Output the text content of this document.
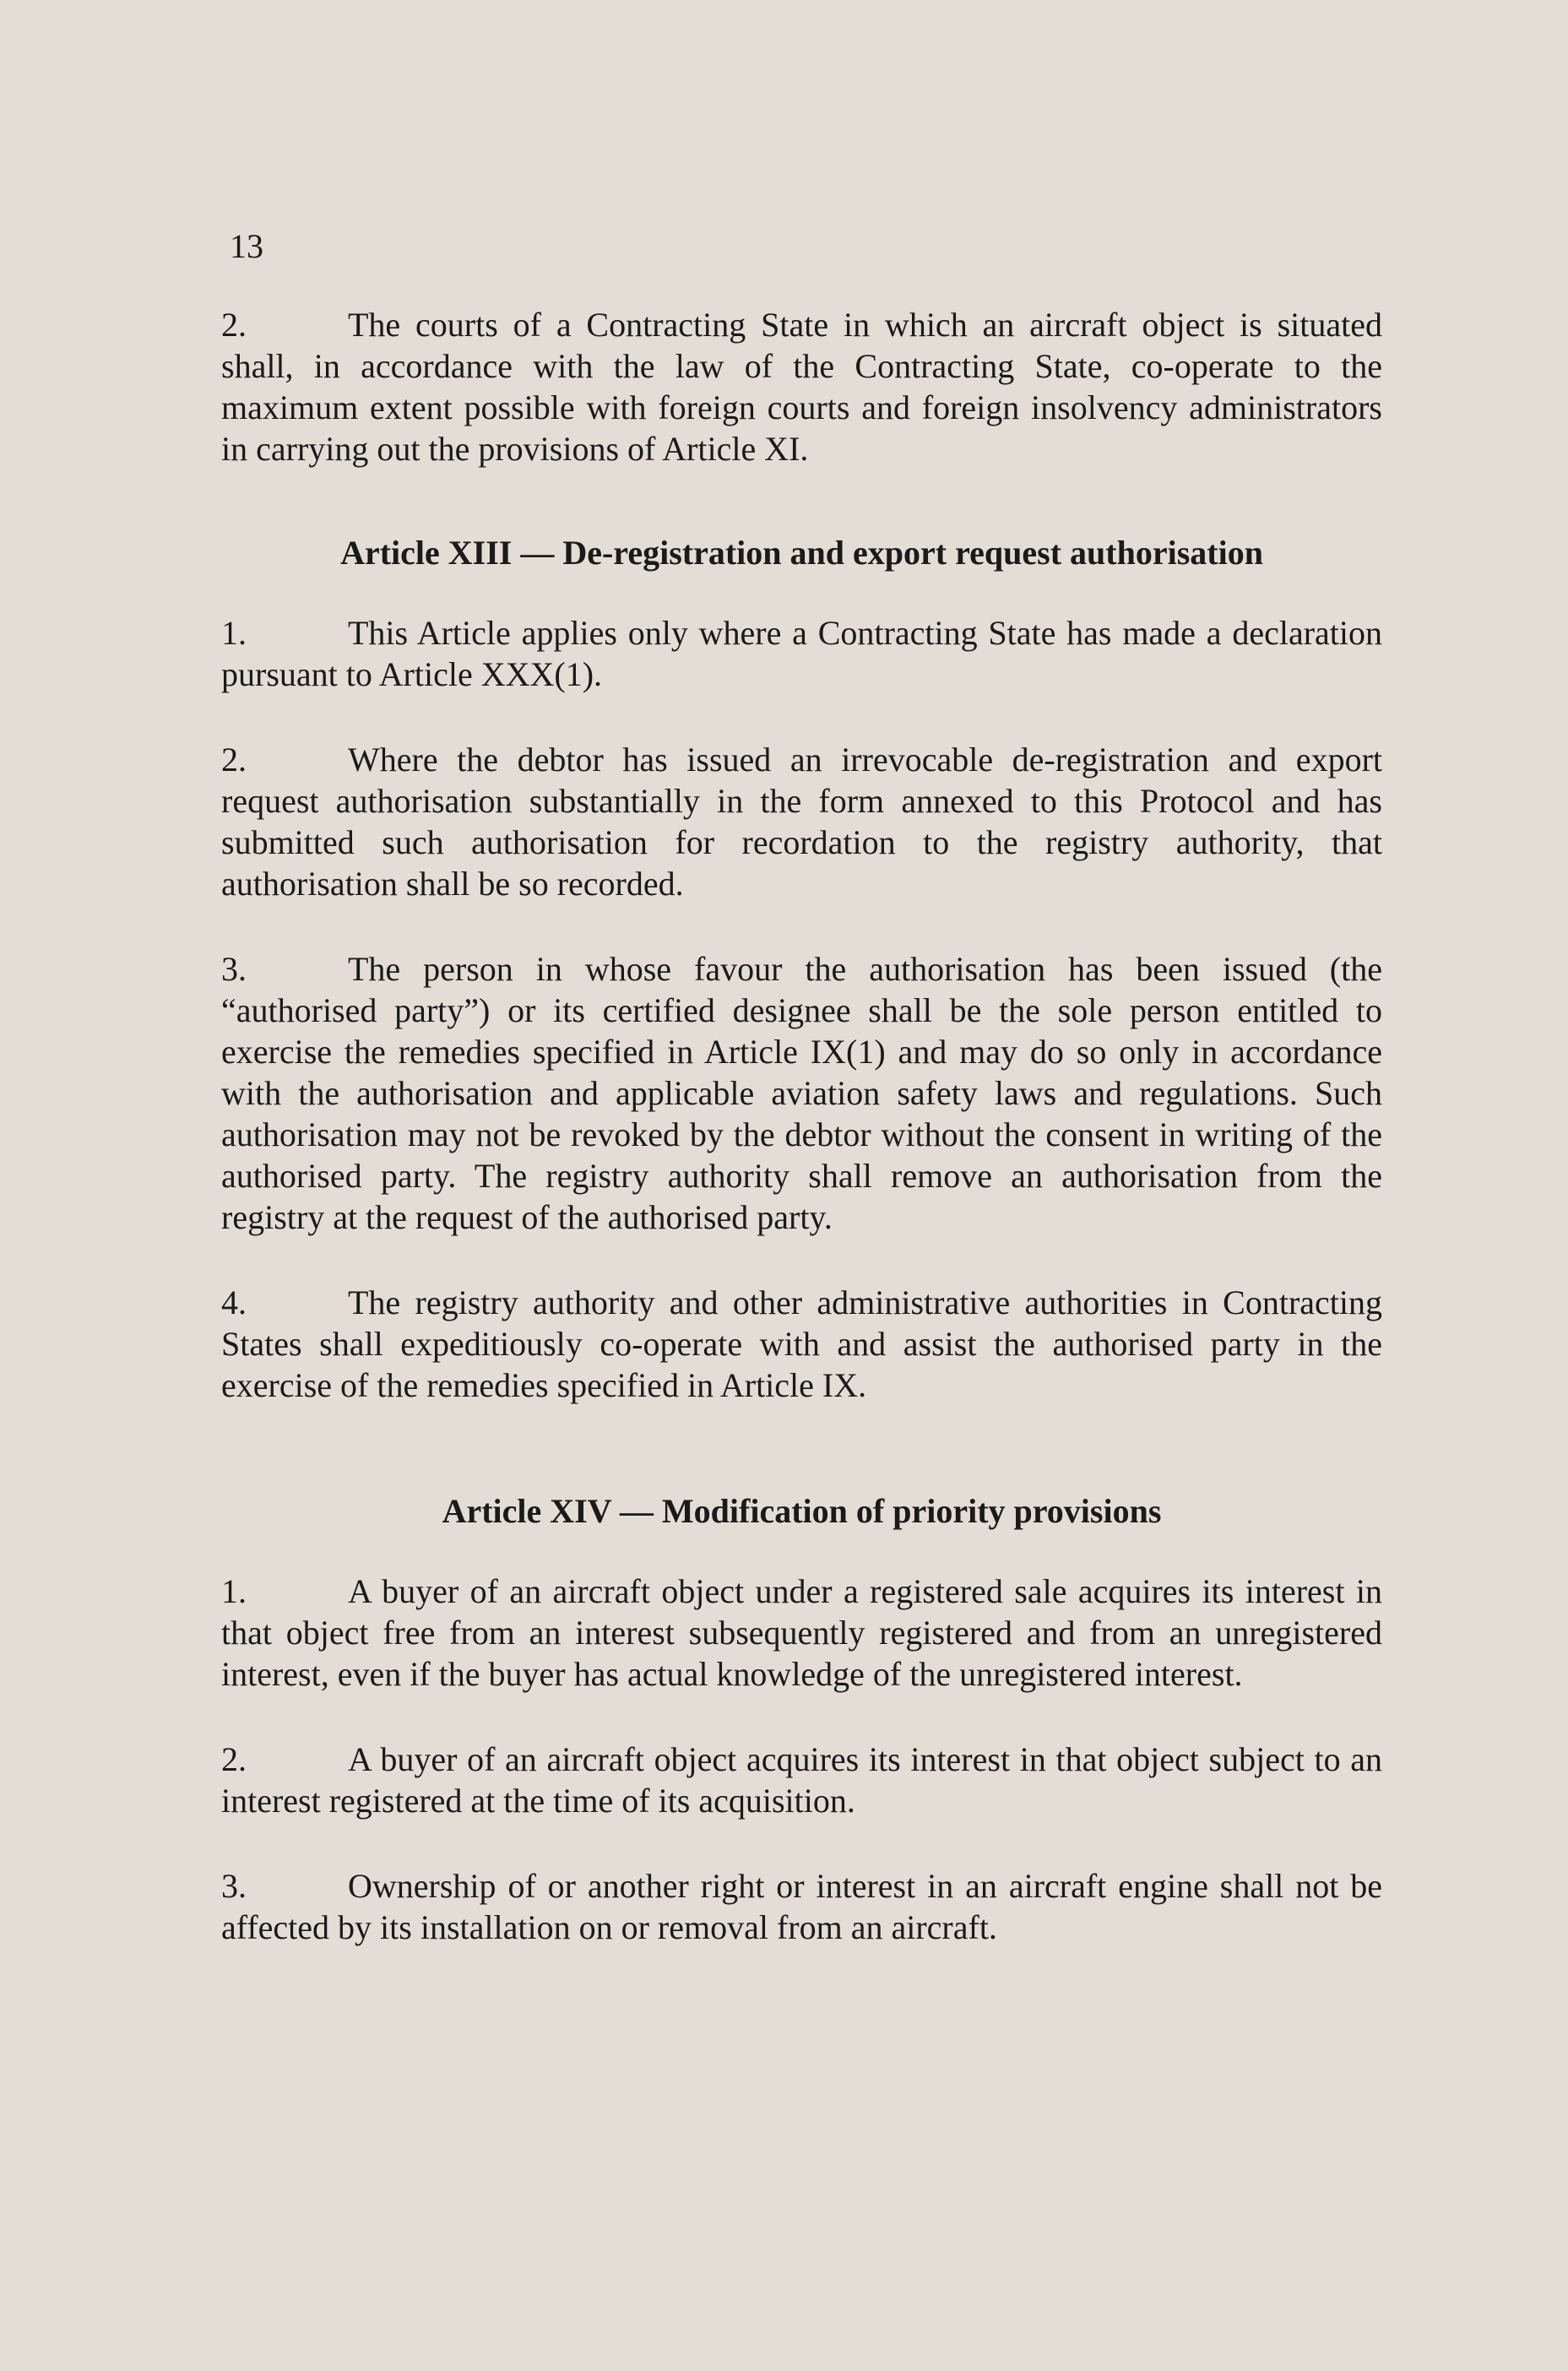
13

2.	The courts of a Contracting State in which an aircraft object is situated shall, in accordance with the law of the Contracting State, co-operate to the maximum extent possible with foreign courts and foreign insolvency administrators in carrying out the provisions of Article XI.

Article XIII — De-registration and export request authorisation

1.	This Article applies only where a Contracting State has made a declaration pursuant to Article XXX(1).

2.	Where the debtor has issued an irrevocable de-registration and export request authorisation substantially in the form annexed to this Protocol and has submitted such authorisation for recordation to the registry authority, that authorisation shall be so recorded.

3.	The person in whose favour the authorisation has been issued (the “authorised party”) or its certified designee shall be the sole person entitled to exercise the remedies specified in Article IX(1) and may do so only in accordance with the authorisation and applicable aviation safety laws and regulations. Such authorisation may not be revoked by the debtor without the consent in writing of the authorised party. The registry authority shall remove an authorisation from the registry at the request of the authorised party.

4.	The registry authority and other administrative authorities in Contracting States shall expeditiously co-operate with and assist the authorised party in the exercise of the remedies specified in Article IX.

Article XIV — Modification of priority provisions

1.	A buyer of an aircraft object under a registered sale acquires its interest in that object free from an interest subsequently registered and from an unregistered interest, even if the buyer has actual knowledge of the unregistered interest.

2.	A buyer of an aircraft object acquires its interest in that object subject to an interest registered at the time of its acquisition.

3.	Ownership of or another right or interest in an aircraft engine shall not be affected by its installation on or removal from an aircraft.
